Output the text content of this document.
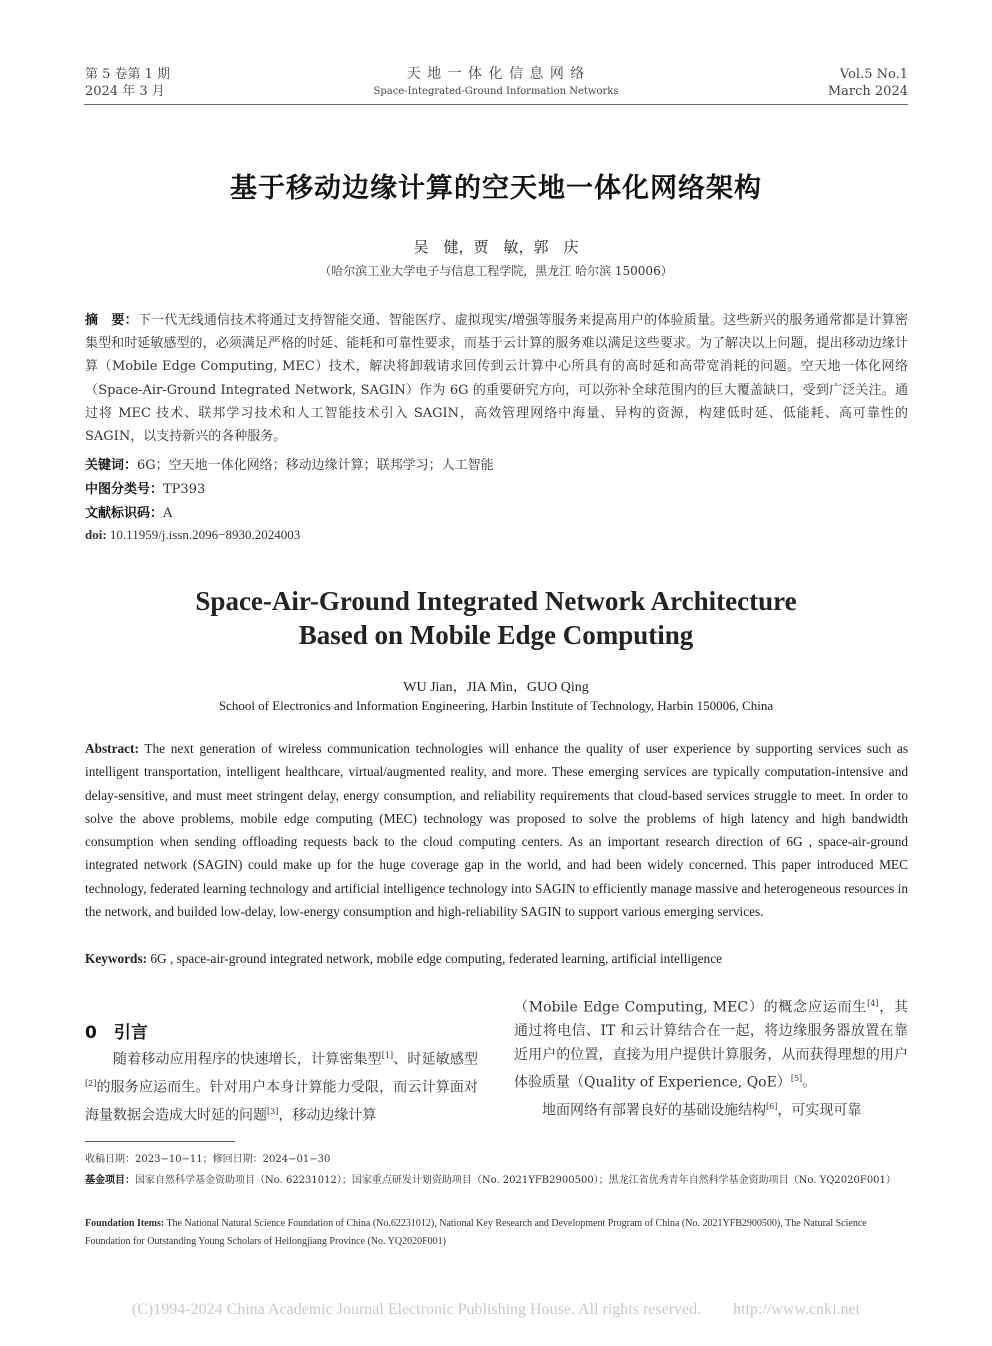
第 5 卷第 1 期
2024 年 3 月
天 地 一 体 化 信 息 网 络
Space-Integrated-Ground Information Networks
Vol.5 No.1
March 2024
基于移动边缘计算的空天地一体化网络架构
吴　健，贾　敏，郭　庆
（哈尔滨工业大学电子与信息工程学院，黑龙江 哈尔滨 150006）
摘　要：下一代无线通信技术将通过支持智能交通、智能医疗、虚拟现实/增强等服务来提高用户的体验质量。这些新兴的服务通常都是计算密集型和时延敏感型的，必须满足严格的时延、能耗和可靠性要求，而基于云计算的服务难以满足这些要求。为了解决以上问题，提出移动边缘计算（Mobile Edge Computing, MEC）技术，解决将卸载请求回传到云计算中心所具有的高时延和高带宽消耗的问题。空天地一体化网络（Space-Air-Ground Integrated Network, SAGIN）作为 6G 的重要研究方向，可以弥补全球范围内的巨大覆盖缺口，受到广泛关注。通过将 MEC 技术、联邦学习技术和人工智能技术引入 SAGIN，高效管理网络中海量、异构的资源，构建低时延、低能耗、高可靠性的 SAGIN，以支持新兴的各种服务。
关键词：6G；空天地一体化网络；移动边缘计算；联邦学习；人工智能
中图分类号：TP393
文献标识码：A
doi: 10.11959/j.issn.2096−8930.2024003
Space-Air-Ground Integrated Network Architecture
Based on Mobile Edge Computing
WU Jian，JIA Min，GUO Qing
School of Electronics and Information Engineering, Harbin Institute of Technology, Harbin 150006, China
Abstract: The next generation of wireless communication technologies will enhance the quality of user experience by supporting services such as intelligent transportation, intelligent healthcare, virtual/augmented reality, and more. These emerging services are typically computation-intensive and delay-sensitive, and must meet stringent delay, energy consumption, and reliability requirements that cloud-based services struggle to meet. In order to solve the above problems, mobile edge computing (MEC) technology was proposed to solve the problems of high latency and high bandwidth consumption when sending offloading requests back to the cloud computing centers. As an important research direction of 6G , space-air-ground integrated network (SAGIN) could make up for the huge coverage gap in the world, and had been widely concerned. This paper introduced MEC technology, federated learning technology and artificial intelligence technology into SAGIN to efficiently manage massive and heterogeneous resources in the network, and builded low-delay, low-energy consumption and high-reliability SAGIN to support various emerging services.
Keywords: 6G , space-air-ground integrated network, mobile edge computing, federated learning, artificial intelligence
0　引言
随着移动应用程序的快速增长，计算密集型[1]、时延敏感型[2]的服务应运而生。针对用户本身计算能力受限，而云计算面对海量数据会造成大时延的问题[3]，移动边缘计算
（Mobile Edge Computing, MEC）的概念应运而生[4]，其通过将电信、IT 和云计算结合在一起，将边缘服务器放置在靠近用户的位置，直接为用户提供计算服务，从而获得理想的用户体验质量（Quality of Experience, QoE）[5]。
地面网络有部署良好的基础设施结构[6]，可实现可靠
收稿日期：2023−10−11；修回日期：2024−01−30
基金项目：国家自然科学基金资助项目（No. 62231012）；国家重点研发计划资助项目（No. 2021YFB2900500）；黑龙江省优秀青年自然科学基金资助项目（No. YQ2020F001）
Foundation Items: The National Natural Science Foundation of China (No.62231012), National Key Research and Development Program of China (No. 2021YFB2900500), The Natural Science Foundation for Outstanding Young Scholars of Heilongjiang Province (No. YQ2020F001)
(C)1994-2024 China Academic Journal Electronic Publishing House. All rights reserved.　　http://www.cnki.net
